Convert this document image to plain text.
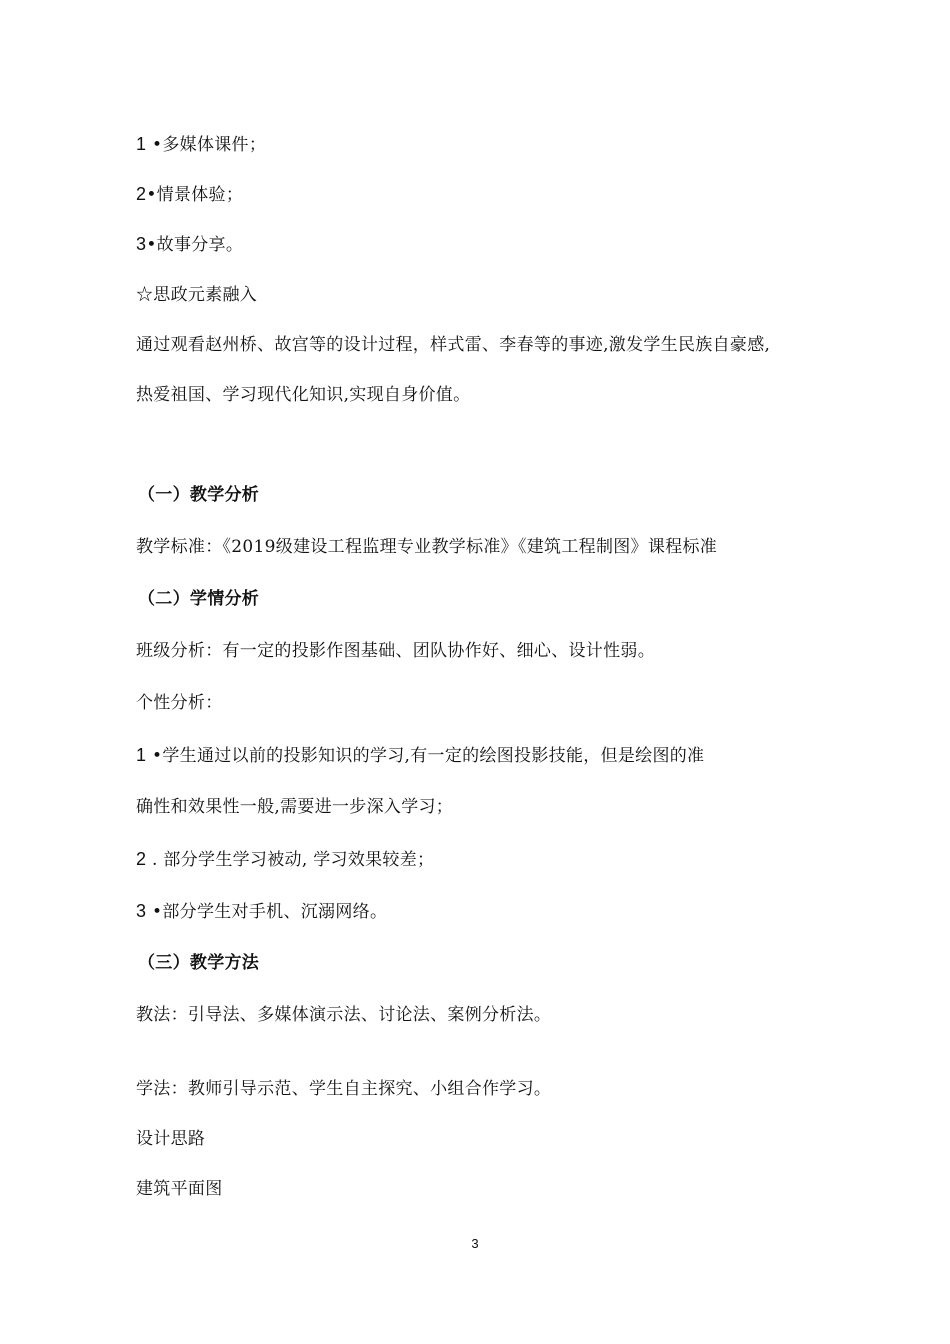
1 •多媒体课件；
2•情景体验；
3•故事分享。
☆思政元素融入
通过观看赵州桥、故宫等的设计过程，样式雷、李春等的事迹,激发学生民族自豪感,
热爱祖国、学习现代化知识,实现自身价值。
（一）教学分析
教学标准：《2019级建设工程监理专业教学标准》《建筑工程制图》课程标准
（二）学情分析
班级分析：有一定的投影作图基础、团队协作好、细心、设计性弱。
个性分析：
1 •学生通过以前的投影知识的学习,有一定的绘图投影技能，但是绘图的准
确性和效果性一般,需要进一步深入学习；
2 . 部分学生学习被动, 学习效果较差；
3 •部分学生对手机、沉溺网络。
（三）教学方法
教法：引导法、多媒体演示法、讨论法、案例分析法。
学法：教师引导示范、学生自主探究、小组合作学习。
设计思路
建筑平面图
3
